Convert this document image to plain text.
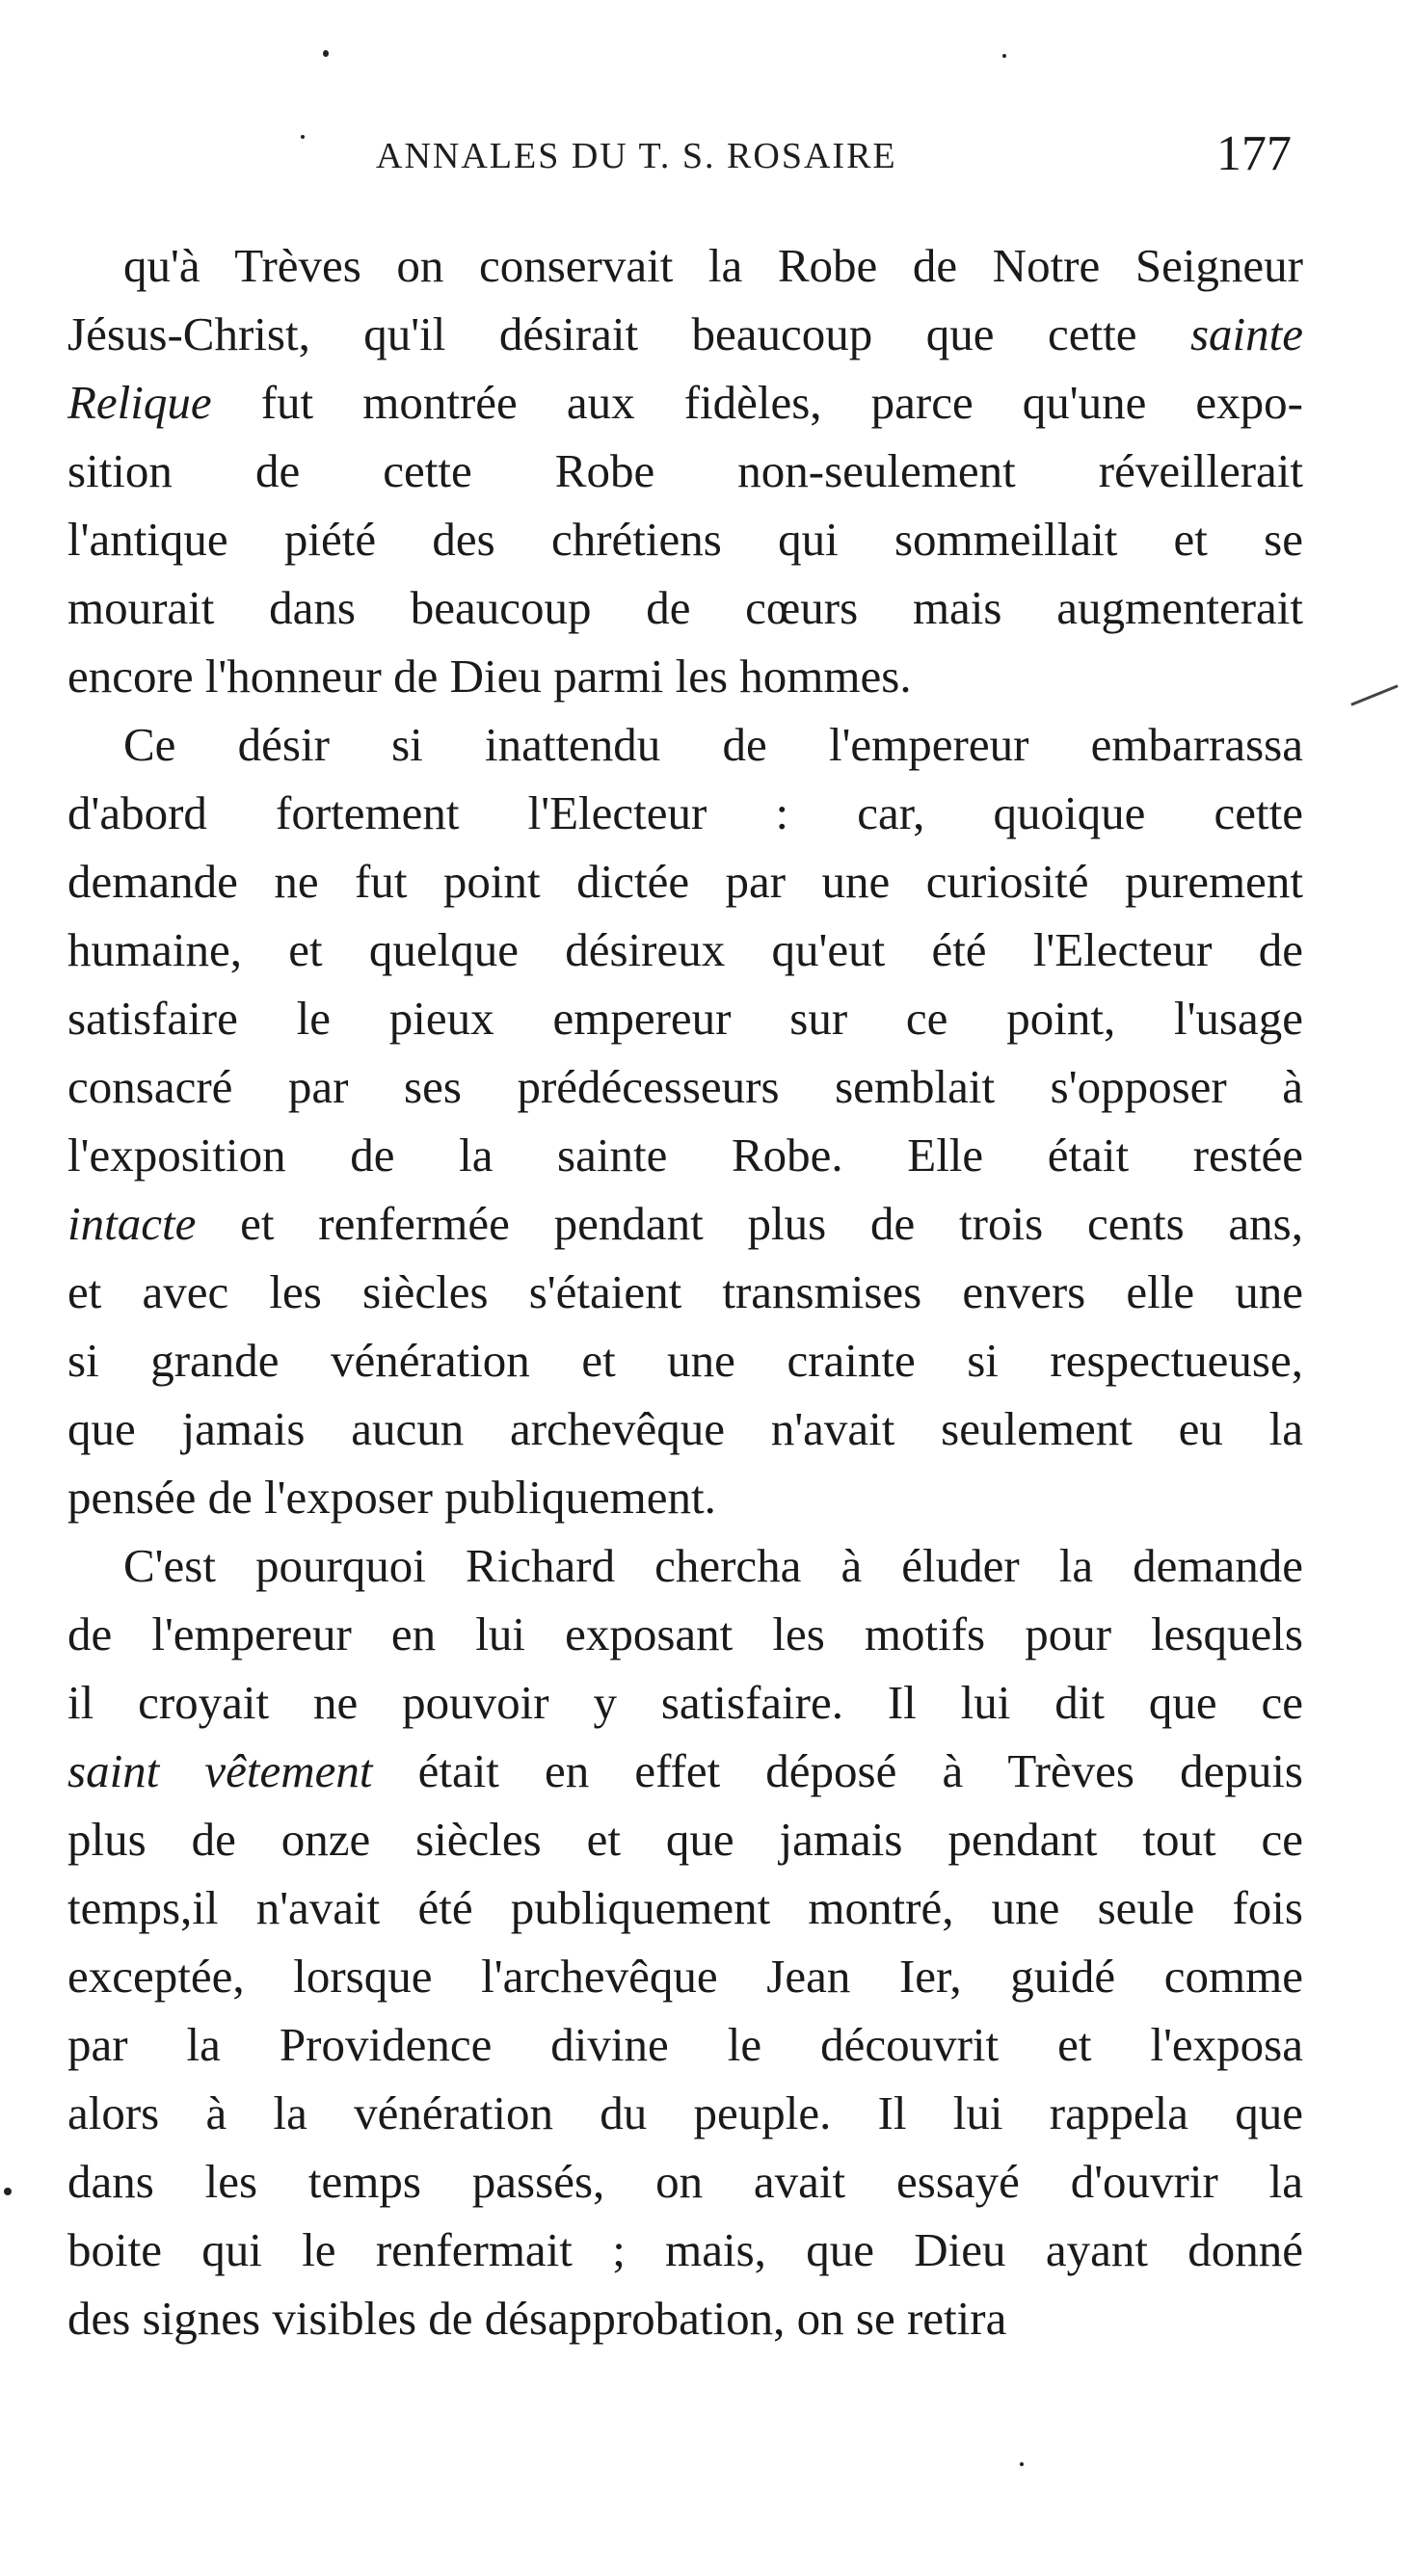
ANNALES DU T. S. ROSAIRE	177
qu'à Trèves on conservait la Robe de Notre Seigneur
Jésus-Christ, qu'il désirait beaucoup que cette sainte
Relique fut montrée aux fidèles, parce qu'une expo-
sition de cette Robe non-seulement réveillerait
l'antique piété des chrétiens qui sommeillait et se
mourait dans beaucoup de cœurs mais augmenterait
encore l'honneur de Dieu parmi les hommes.
Ce désir si inattendu de l'empereur embarrassa
d'abord fortement l'Electeur : car, quoique cette
demande ne fut point dictée par une curiosité purement
humaine, et quelque désireux qu'eut été l'Electeur de
satisfaire le pieux empereur sur ce point, l'usage
consacré par ses prédécesseurs semblait s'opposer à
l'exposition de la sainte Robe. Elle était restée
intacte et renfermée pendant plus de trois cents ans,
et avec les siècles s'étaient transmises envers elle une
si grande vénération et une crainte si respectueuse,
que jamais aucun archevêque n'avait seulement eu la
pensée de l'exposer publiquement.
C'est pourquoi Richard chercha à éluder la demande
de l'empereur en lui exposant les motifs pour lesquels
il croyait ne pouvoir y satisfaire. Il lui dit que ce
saint vêtement était en effet déposé à Trèves depuis
plus de onze siècles et que jamais pendant tout ce
temps,il n'avait été publiquement montré, une seule fois
exceptée, lorsque l'archevêque Jean Ier, guidé comme
par la Providence divine le découvrit et l'exposa
alors à la vénération du peuple. Il lui rappela que
dans les temps passés, on avait essayé d'ouvrir la
boite qui le renfermait ; mais, que Dieu ayant donné
des signes visibles de désapprobation, on se retira
